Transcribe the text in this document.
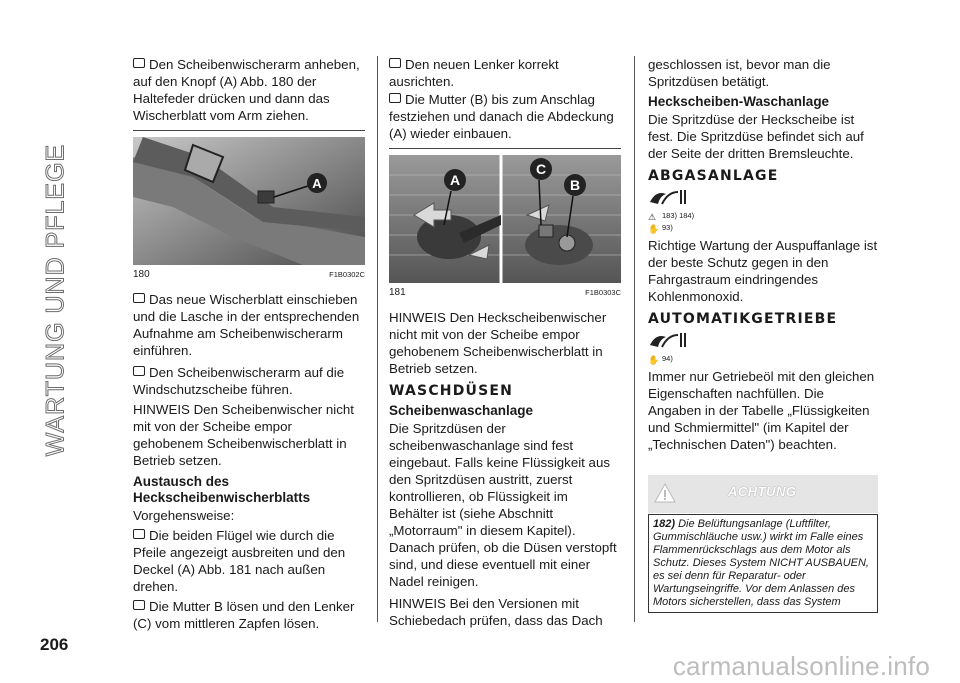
WARTUNG UND PFLEGE
206
carmanualsonline.info

Den Scheibenwischerarm anheben, auf den Knopf (A) Abb. 180 der Haltefeder drücken und dann das Wischerblatt vom Arm ziehen.

A
180	F1B0302C

Das neue Wischerblatt einschieben und die Lasche in der entsprechenden Aufnahme am Scheibenwischerarm einführen.

Den Scheibenwischerarm auf die Windschutzscheibe führen.

HINWEIS Den Scheibenwischer nicht mit von der Scheibe empor gehobenem Scheibenwischerblatt in Betrieb setzen.

Austausch des
Heckscheibenwischerblatts

Vorgehensweise:

Die beiden Flügel wie durch die Pfeile angezeigt ausbreiten und den Deckel (A) Abb. 181 nach außen drehen.

Die Mutter B lösen und den Lenker (C) vom mittleren Zapfen lösen.

Den neuen Lenker korrekt ausrichten.

Die Mutter (B) bis zum Anschlag festziehen und danach die Abdeckung (A) wieder einbauen.

A
C
B
181	F1B0303C

HINWEIS Den Heckscheibenwischer nicht mit von der Scheibe empor gehobenem Scheibenwischerblatt in Betrieb setzen.

WASCHDÜSEN
Scheibenwaschanlage

Die Spritzdüsen der scheibenwaschanlage sind fest eingebaut. Falls keine Flüssigkeit aus den Spritzdüsen austritt, zuerst kontrollieren, ob Flüssigkeit im Behälter ist (siehe Abschnitt „Motorraum" in diesem Kapitel). Danach prüfen, ob die Düsen verstopft sind, und diese eventuell mit einer Nadel reinigen.

HINWEIS Bei den Versionen mit Schiebedach prüfen, dass das Dach

geschlossen ist, bevor man die Spritzdüsen betätigt.

Heckscheiben-Waschanlage

Die Spritzdüse der Heckscheibe ist fest. Die Spritzdüse befindet sich auf der Seite der dritten Bremsleuchte.

ABGASANLAGE
⚠ 183) 184)

✋ 93)

Richtige Wartung der Auspuffanlage ist der beste Schutz gegen in den Fahrgastraum eindringendes Kohlenmonoxid.

AUTOMATIKGETRIEBE
✋ 94)

Immer nur Getriebeöl mit den gleichen Eigenschaften nachfüllen. Die Angaben in der Tabelle „Flüssigkeiten und Schmiermittel" (im Kapitel der „Technischen Daten") beachten.

ACHTUNG
182) Die Belüftungsanlage (Luftfilter, Gummischläuche usw.) wirkt im Falle eines Flammenrückschlags aus dem Motor als Schutz. Dieses System NICHT AUSBAUEN, es sei denn für Reparatur- oder Wartungseingriffe. Vor dem Anlassen des Motors sicherstellen, dass das System
